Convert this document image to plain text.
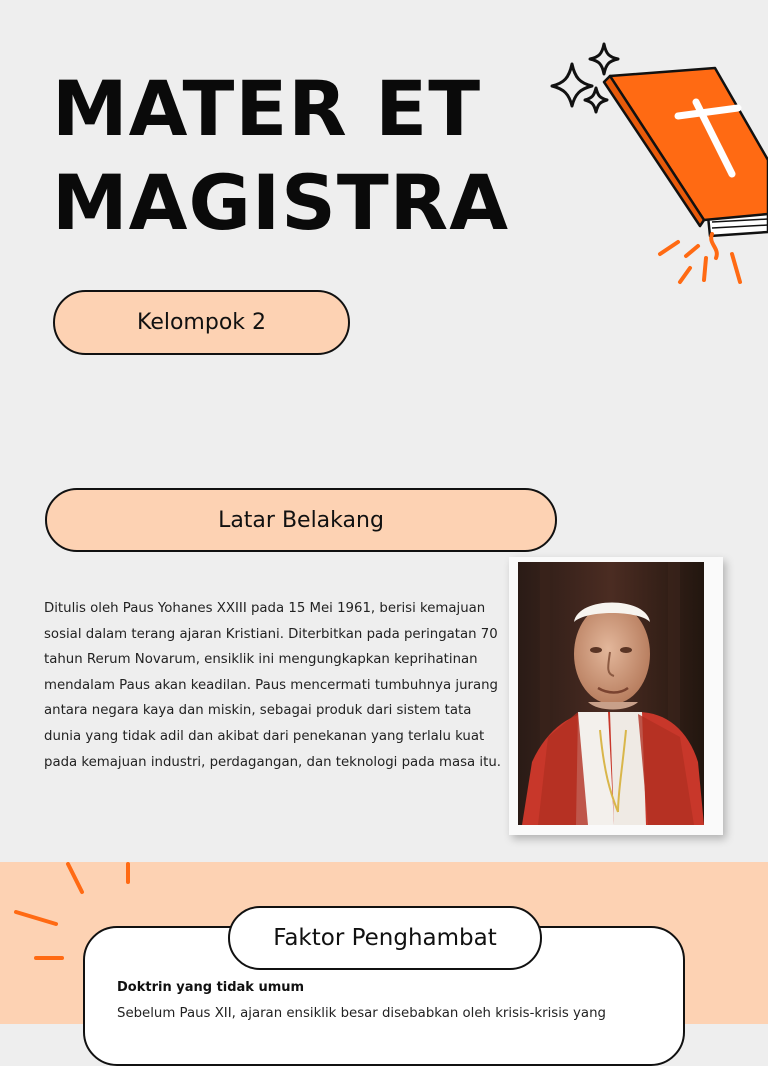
MATER ET
MAGISTRA
Kelompok 2
Latar Belakang

Ditulis oleh Paus Yohanes XXIII pada 15 Mei 1961, berisi kemajuan sosial dalam terang ajaran Kristiani. Diterbitkan pada peringatan 70 tahun Rerum Novarum, ensiklik ini mengungkapkan keprihatinan mendalam Paus akan keadilan. Paus mencermati tumbuhnya jurang antara negara kaya dan miskin, sebagai produk dari sistem tata dunia yang tidak adil dan akibat dari penekanan yang terlalu kuat pada kemajuan industri, perdagangan, dan teknologi pada masa itu.

Faktor Penghambat
Doktrin yang tidak umum

Sebelum Paus XII, ajaran ensiklik besar disebabkan oleh krisis-krisis yang
